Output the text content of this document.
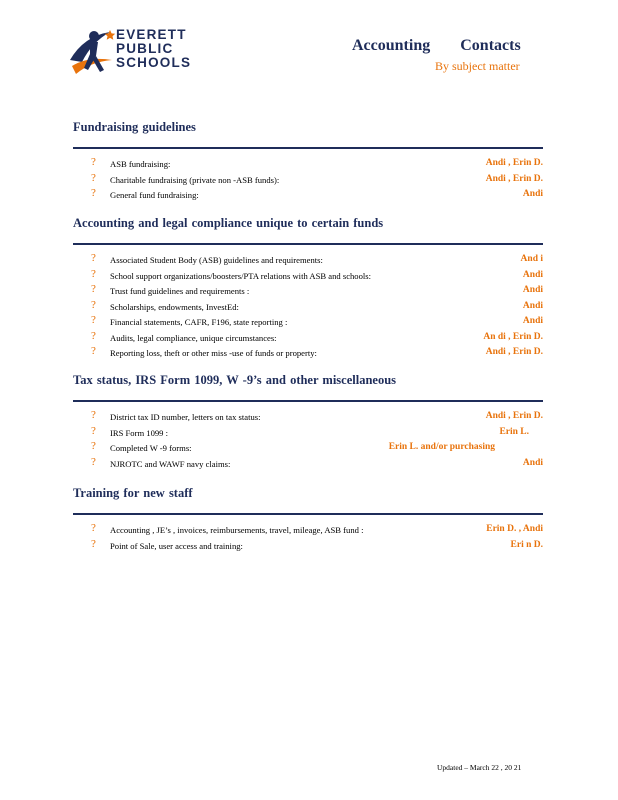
EVERETT
PUBLIC
SCHOOLS
Accounting Contacts
By subject matter
Fundraising guidelines
? ASB fundraising:	Andi , Erin D.
? Charitable fundraising (private non -ASB funds):	Andi , Erin D.
? General fund fundraising:	Andi
Accounting and legal compliance unique to certain funds
? Associated Student Body (ASB) guidelines and requirements:	And i
? School support organizations/boosters/PTA relations with ASB and schools:	Andi
? Trust fund guidelines and requirements :	Andi
? Scholarships, endowments, InvestEd:	Andi
? Financial statements, CAFR, F196, state reporting :	Andi
? Audits, legal compliance, unique circumstances:	An di , Erin D.
? Reporting loss, theft or other miss -use of funds or property:	Andi , Erin D.
Tax status, IRS Form 1099, W -9’s and other miscellaneous
? District tax ID number, letters on tax status:	Andi , Erin D.
? IRS Form 1099 :	Erin L.
? Completed W -9 forms:	Erin L. and/or purchasing
? NJROTC and WAWF navy claims:	Andi
Training for new staff
? Accounting , JE’s , invoices, reimbursements, travel, mileage, ASB fund :	Erin D. , Andi
? Point of Sale, user access and training:	Eri n D.
Updated – March 22 , 20 21
